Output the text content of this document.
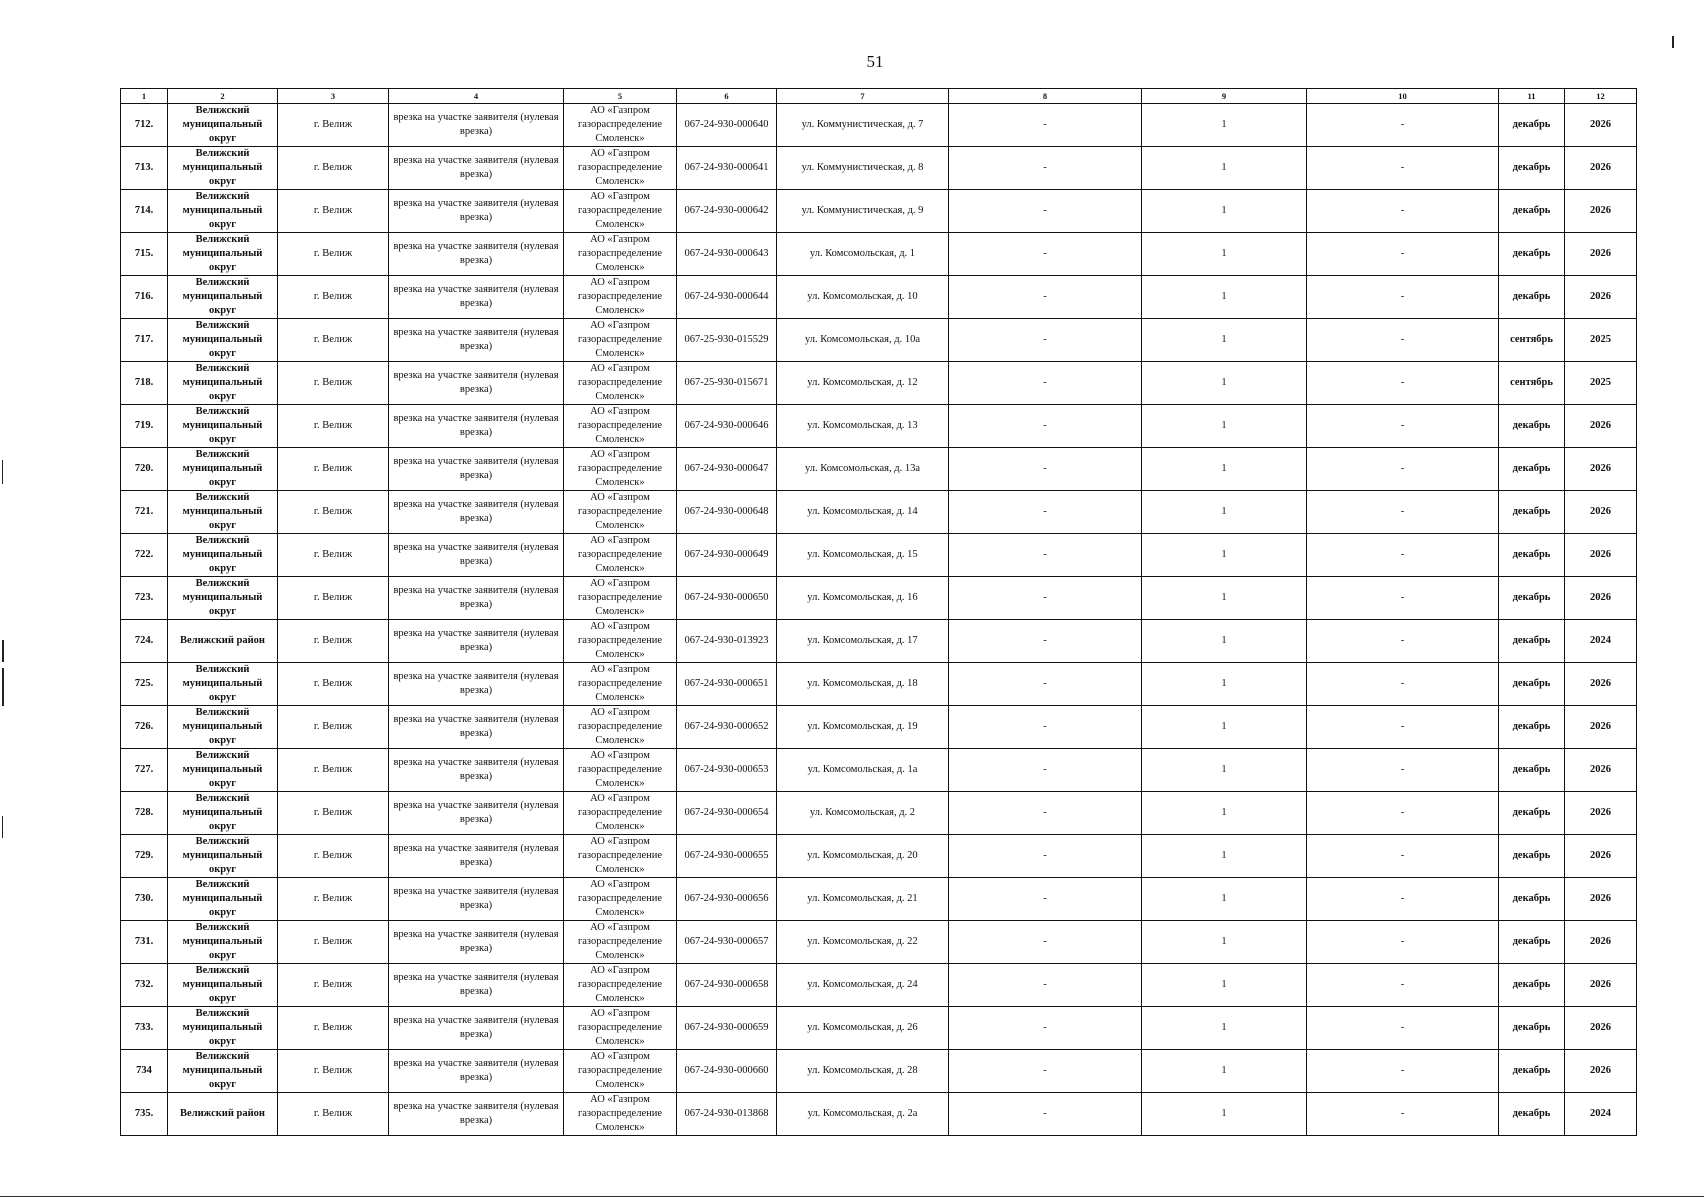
51
1	2	3	4	5	6	7	8	9	10	11	12
712.	Велижский муниципальный округ	г. Велиж	врезка на участке заявителя (нулевая врезка)	АО «Газпром газораспределение Смоленск»	067-24-930-000640	ул. Коммунистическая, д. 7	-	1	-	декабрь	2026
713.	Велижский муниципальный округ	г. Велиж	врезка на участке заявителя (нулевая врезка)	АО «Газпром газораспределение Смоленск»	067-24-930-000641	ул. Коммунистическая, д. 8	-	1	-	декабрь	2026
714.	Велижский муниципальный округ	г. Велиж	врезка на участке заявителя (нулевая врезка)	АО «Газпром газораспределение Смоленск»	067-24-930-000642	ул. Коммунистическая, д. 9	-	1	-	декабрь	2026
715.	Велижский муниципальный округ	г. Велиж	врезка на участке заявителя (нулевая врезка)	АО «Газпром газораспределение Смоленск»	067-24-930-000643	ул. Комсомольская, д. 1	-	1	-	декабрь	2026
716.	Велижский муниципальный округ	г. Велиж	врезка на участке заявителя (нулевая врезка)	АО «Газпром газораспределение Смоленск»	067-24-930-000644	ул. Комсомольская, д. 10	-	1	-	декабрь	2026
717.	Велижский муниципальный округ	г. Велиж	врезка на участке заявителя (нулевая врезка)	АО «Газпром газораспределение Смоленск»	067-25-930-015529	ул. Комсомольская, д. 10а	-	1	-	сентябрь	2025
718.	Велижский муниципальный округ	г. Велиж	врезка на участке заявителя (нулевая врезка)	АО «Газпром газораспределение Смоленск»	067-25-930-015671	ул. Комсомольская, д. 12	-	1	-	сентябрь	2025
719.	Велижский муниципальный округ	г. Велиж	врезка на участке заявителя (нулевая врезка)	АО «Газпром газораспределение Смоленск»	067-24-930-000646	ул. Комсомольская, д. 13	-	1	-	декабрь	2026
720.	Велижский муниципальный округ	г. Велиж	врезка на участке заявителя (нулевая врезка)	АО «Газпром газораспределение Смоленск»	067-24-930-000647	ул. Комсомольская, д. 13а	-	1	-	декабрь	2026
721.	Велижский муниципальный округ	г. Велиж	врезка на участке заявителя (нулевая врезка)	АО «Газпром газораспределение Смоленск»	067-24-930-000648	ул. Комсомольская, д. 14	-	1	-	декабрь	2026
722.	Велижский муниципальный округ	г. Велиж	врезка на участке заявителя (нулевая врезка)	АО «Газпром газораспределение Смоленск»	067-24-930-000649	ул. Комсомольская, д. 15	-	1	-	декабрь	2026
723.	Велижский муниципальный округ	г. Велиж	врезка на участке заявителя (нулевая врезка)	АО «Газпром газораспределение Смоленск»	067-24-930-000650	ул. Комсомольская, д. 16	-	1	-	декабрь	2026
724.	Велижский район	г. Велиж	врезка на участке заявителя (нулевая врезка)	АО «Газпром газораспределение Смоленск»	067-24-930-013923	ул. Комсомольская, д. 17	-	1	-	декабрь	2024
725.	Велижский муниципальный округ	г. Велиж	врезка на участке заявителя (нулевая врезка)	АО «Газпром газораспределение Смоленск»	067-24-930-000651	ул. Комсомольская, д. 18	-	1	-	декабрь	2026
726.	Велижский муниципальный округ	г. Велиж	врезка на участке заявителя (нулевая врезка)	АО «Газпром газораспределение Смоленск»	067-24-930-000652	ул. Комсомольская, д. 19	-	1	-	декабрь	2026
727.	Велижский муниципальный округ	г. Велиж	врезка на участке заявителя (нулевая врезка)	АО «Газпром газораспределение Смоленск»	067-24-930-000653	ул. Комсомольская, д. 1а	-	1	-	декабрь	2026
728.	Велижский муниципальный округ	г. Велиж	врезка на участке заявителя (нулевая врезка)	АО «Газпром газораспределение Смоленск»	067-24-930-000654	ул. Комсомольская, д. 2	-	1	-	декабрь	2026
729.	Велижский муниципальный округ	г. Велиж	врезка на участке заявителя (нулевая врезка)	АО «Газпром газораспределение Смоленск»	067-24-930-000655	ул. Комсомольская, д. 20	-	1	-	декабрь	2026
730.	Велижский муниципальный округ	г. Велиж	врезка на участке заявителя (нулевая врезка)	АО «Газпром газораспределение Смоленск»	067-24-930-000656	ул. Комсомольская, д. 21	-	1	-	декабрь	2026
731.	Велижский муниципальный округ	г. Велиж	врезка на участке заявителя (нулевая врезка)	АО «Газпром газораспределение Смоленск»	067-24-930-000657	ул. Комсомольская, д. 22	-	1	-	декабрь	2026
732.	Велижский муниципальный округ	г. Велиж	врезка на участке заявителя (нулевая врезка)	АО «Газпром газораспределение Смоленск»	067-24-930-000658	ул. Комсомольская, д. 24	-	1	-	декабрь	2026
733.	Велижский муниципальный округ	г. Велиж	врезка на участке заявителя (нулевая врезка)	АО «Газпром газораспределение Смоленск»	067-24-930-000659	ул. Комсомольская, д. 26	-	1	-	декабрь	2026
734	Велижский муниципальный округ	г. Велиж	врезка на участке заявителя (нулевая врезка)	АО «Газпром газораспределение Смоленск»	067-24-930-000660	ул. Комсомольская, д. 28	-	1	-	декабрь	2026
735.	Велижский район	г. Велиж	врезка на участке заявителя (нулевая врезка)	АО «Газпром газораспределение Смоленск»	067-24-930-013868	ул. Комсомольская, д. 2а	-	1	-	декабрь	2024
